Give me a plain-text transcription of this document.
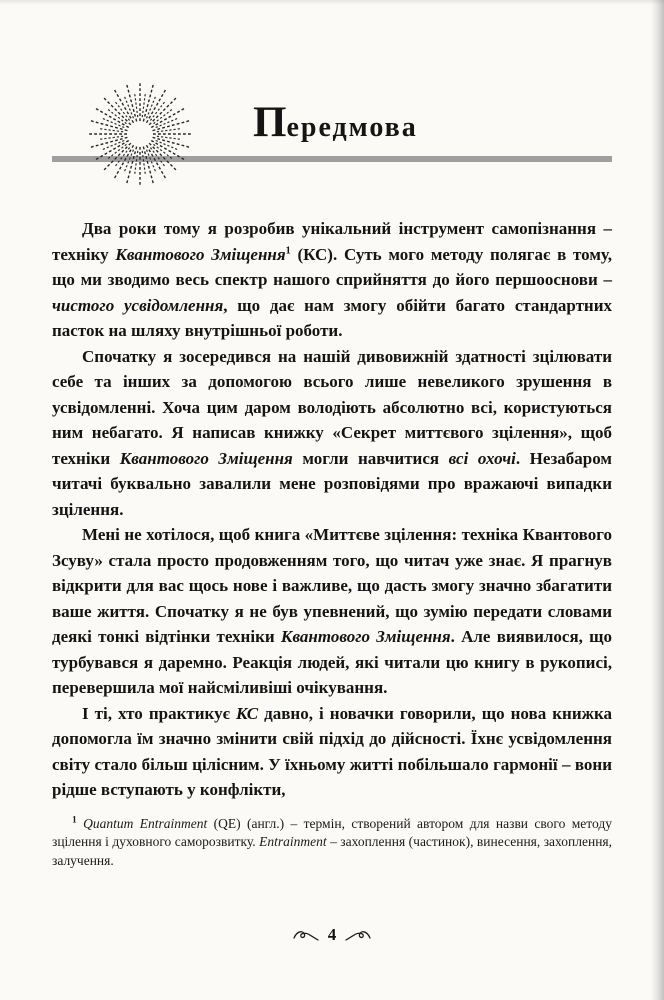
Передмова

Два роки тому я розробив унікальний інструмент самопізнання – техніку Квантового Зміщення$^1$ (КС). Суть мого методу полягає в тому, що ми зводимо весь спектр нашого сприйняття до його першооснови – чистого усвідомлення, що дає нам змогу обійти багато стандартних пасток на шляху внутрішньої роботи.

Спочатку я зосередився на нашій дивовижній здатності зцілювати себе та інших за допомогою всього лише невеликого зрушення в усвідомленні. Хоча цим даром володіють абсолютно всі, користуються ним небагато. Я написав книжку «Секрет миттєвого зцілення», щоб техніки Квантового Зміщення могли навчитися всі охочі. Незабаром читачі буквально завалили мене розповідями про вражаючі випадки зцілення.

Мені не хотілося, щоб книга «Миттєве зцілення: техніка Квантового Зсуву» стала просто продовженням того, що читач уже знає. Я прагнув відкрити для вас щось нове і важливе, що дасть змогу значно збагатити ваше життя. Спочатку я не був упевнений, що зумію передати словами деякі тонкі відтінки техніки Квантового Зміщення. Але виявилося, що турбувався я даремно. Реакція людей, які читали цю книгу в рукописі, перевершила мої найсміливіші очікування.

І ті, хто практикує КС давно, і новачки говорили, що нова книжка допомогла їм значно змінити свій підхід до дійсності. Їхнє усвідомлення світу стало більш цілісним. У їхньому житті побільшало гармонії – вони рідше вступають у конфлікти,

$^1$ Quantum Entrainment (QE) (англ.) – термін, створений автором для назви свого методу зцілення і духовного саморозвитку. Entrainment – захоплення (частинок), винесення, захоплення, залучення.
4
